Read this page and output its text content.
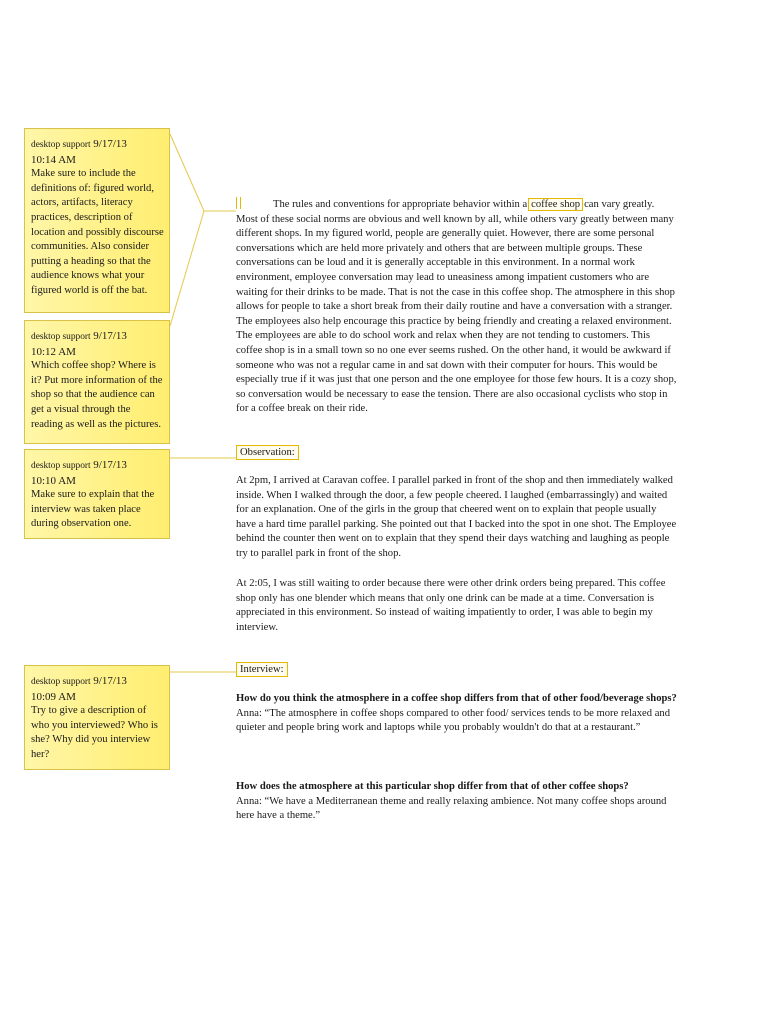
desktop support 9/17/13
10:14 AM
Make sure to include the definitions of: figured world, actors, artifacts, literacy practices, description of location and possibly discourse communities. Also consider putting a heading so that the audience knows what your figured world is off the bat.
desktop support 9/17/13
10:12 AM
Which coffee shop? Where is it? Put more information of the shop so that the audience can get a visual through the reading as well as the pictures.
desktop support 9/17/13
10:10 AM
Make sure to explain that the interview was taken place during observation one.
desktop support 9/17/13
10:09 AM
Try to give a description of who you interviewed? Who is she? Why did you interview her?
The rules and conventions for appropriate behavior within a coffee shop can vary greatly. Most of these social norms are obvious and well known by all, while others vary greatly between many different shops. In my figured world, people are generally quiet. However, there are some personal conversations which are held more privately and others that are between multiple groups. These conversations can be loud and it is generally acceptable in this environment. In a normal work environment, employee conversation may lead to uneasiness among impatient customers who are waiting for their drinks to be made. That is not the case in this coffee shop. The atmosphere in this shop allows for people to take a short break from their daily routine and have a conversation with a stranger. The employees also help encourage this practice by being friendly and creating a relaxed environment. The employees are able to do school work and relax when they are not tending to customers. This coffee shop is in a small town so no one ever seems rushed. On the other hand, it would be awkward if someone who was not a regular came in and sat down with their computer for hours. This would be especially true if it was just that one person and the one employee for those few hours. It is a cozy shop, so conversation would be necessary to ease the tension. There are also occasional cyclists who stop in for a coffee break on their ride.
Observation:
At 2pm, I arrived at Caravan coffee. I parallel parked in front of the shop and then immediately walked inside. When I walked through the door, a few people cheered. I laughed (embarrassingly) and waited for an explanation. One of the girls in the group that cheered went on to explain that people usually have a hard time parallel parking. She pointed out that I backed into the spot in one shot. The Employee behind the counter then went on to explain that they spend their days watching and laughing as people try to parallel park in front of the shop.
At 2:05, I was still waiting to order because there were other drink orders being prepared. This coffee shop only has one blender which means that only one drink can be made at a time. Conversation is appreciated in this environment. So instead of waiting impatiently to order, I was able to begin my interview.
Interview:
How do you think the atmosphere in a coffee shop differs from that of other food/beverage shops?
Anna: “The atmosphere in coffee shops compared to other food/ services tends to be more relaxed and quieter and people bring work and laptops while you probably wouldn't do that at a restaurant.”
How does the atmosphere at this particular shop differ from that of other coffee shops?
Anna: “We have a Mediterranean theme and really relaxing ambience. Not many coffee shops around here have a theme.”
